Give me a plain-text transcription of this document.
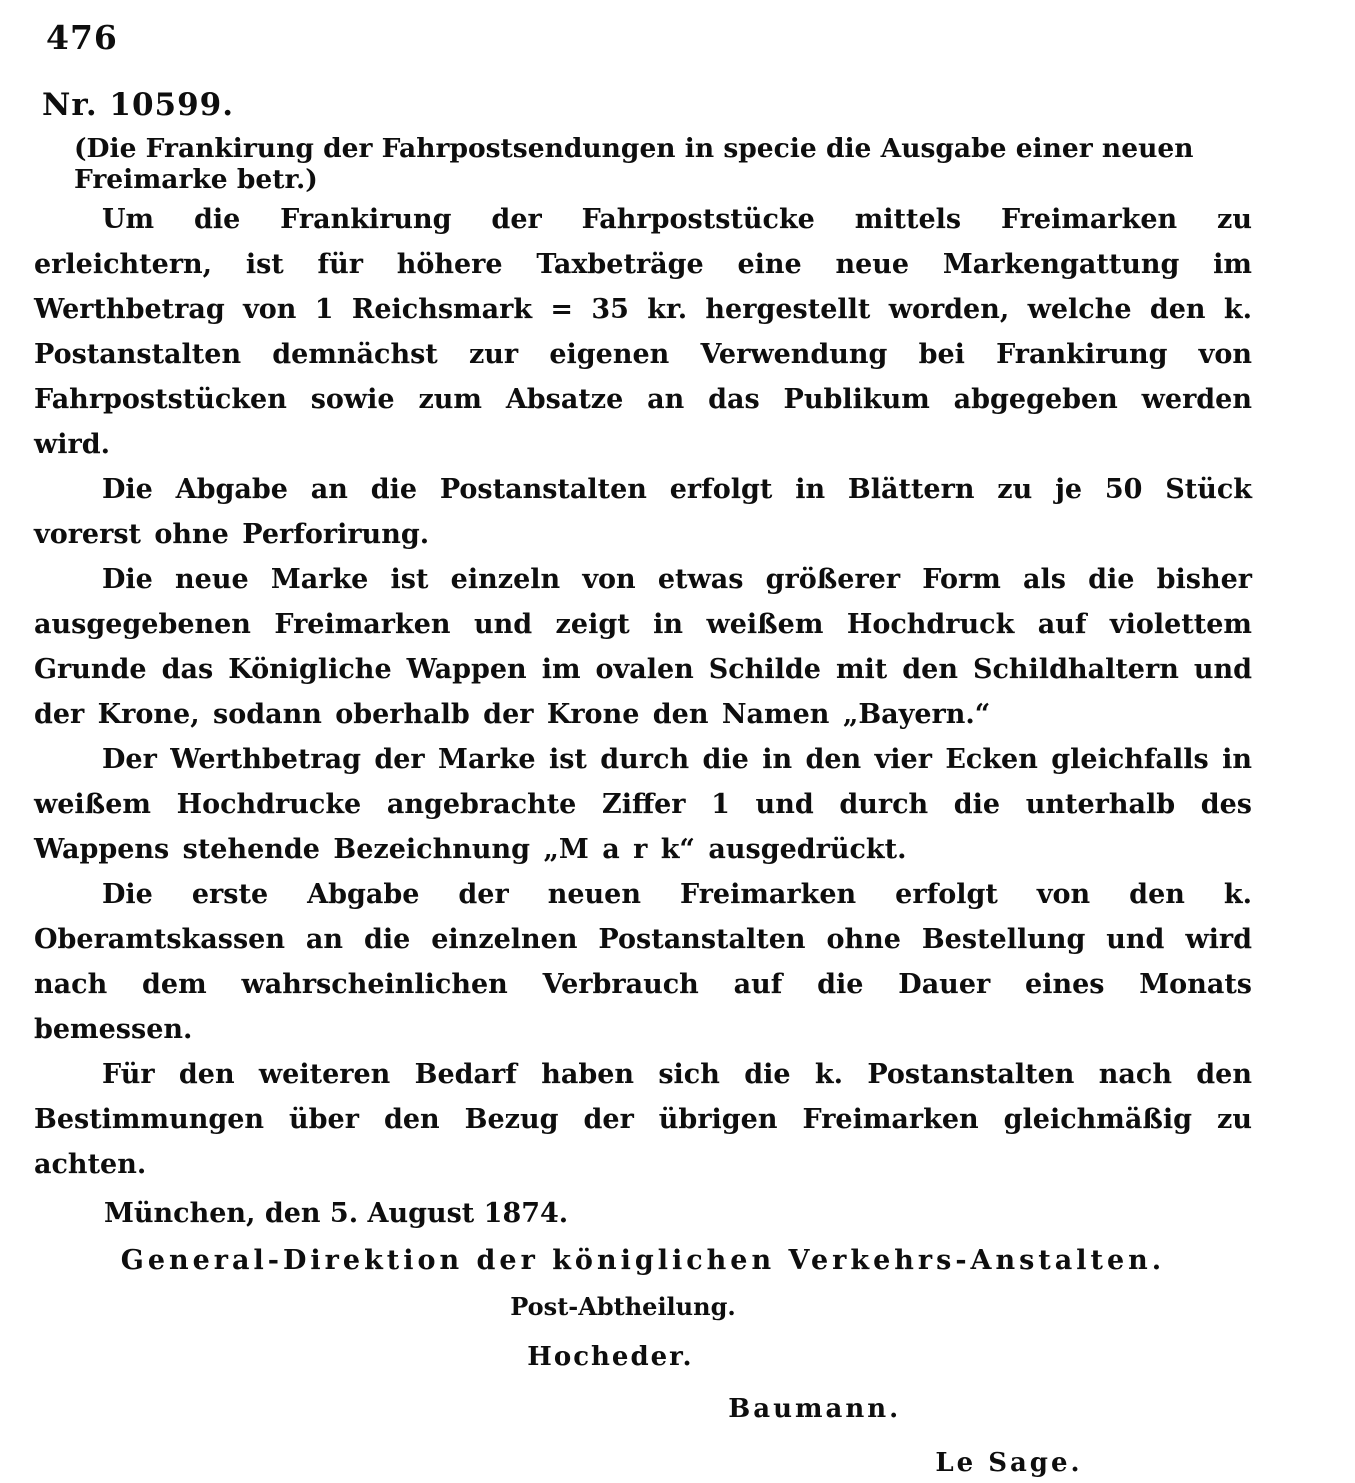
476
Nr. 10599.
(Die Frankirung der Fahrpostsendungen in specie die Ausgabe einer neuen Freimarke betr.)

Um die Frankirung der Fahrpoststücke mittels Freimarken zu erleichtern, ist für höhere Taxbeträge eine neue Markengattung im Werthbetrag von 1 Reichsmark = 35 kr. hergestellt worden, welche den k. Postanstalten demnächst zur eigenen Verwendung bei Frankirung von Fahrpoststücken sowie zum Absatze an das Publikum abgegeben werden wird.

Die Abgabe an die Postanstalten erfolgt in Blättern zu je 50 Stück vorerst ohne Perforirung.

Die neue Marke ist einzeln von etwas größerer Form als die bisher ausgegebenen Freimarken und zeigt in weißem Hochdruck auf violettem Grunde das Königliche Wappen im ovalen Schilde mit den Schildhaltern und der Krone, sodann oberhalb der Krone den Namen „Bayern.“

Der Werthbetrag der Marke ist durch die in den vier Ecken gleichfalls in weißem Hochdrucke angebrachte Ziffer 1 und durch die unterhalb des Wappens stehende Bezeichnung „M a r k“ ausgedrückt.

Die erste Abgabe der neuen Freimarken erfolgt von den k. Oberamtskassen an die einzelnen Postanstalten ohne Bestellung und wird nach dem wahrscheinlichen Verbrauch auf die Dauer eines Monats bemessen.

Für den weiteren Bedarf haben sich die k. Postanstalten nach den Bestimmungen über den Bezug der übrigen Freimarken gleichmäßig zu achten.

München, den 5. August 1874.
General-Direktion der königlichen Verkehrs-Anstalten.
Post-Abtheilung.
Hocheder.
Baumann.
Le Sage.
